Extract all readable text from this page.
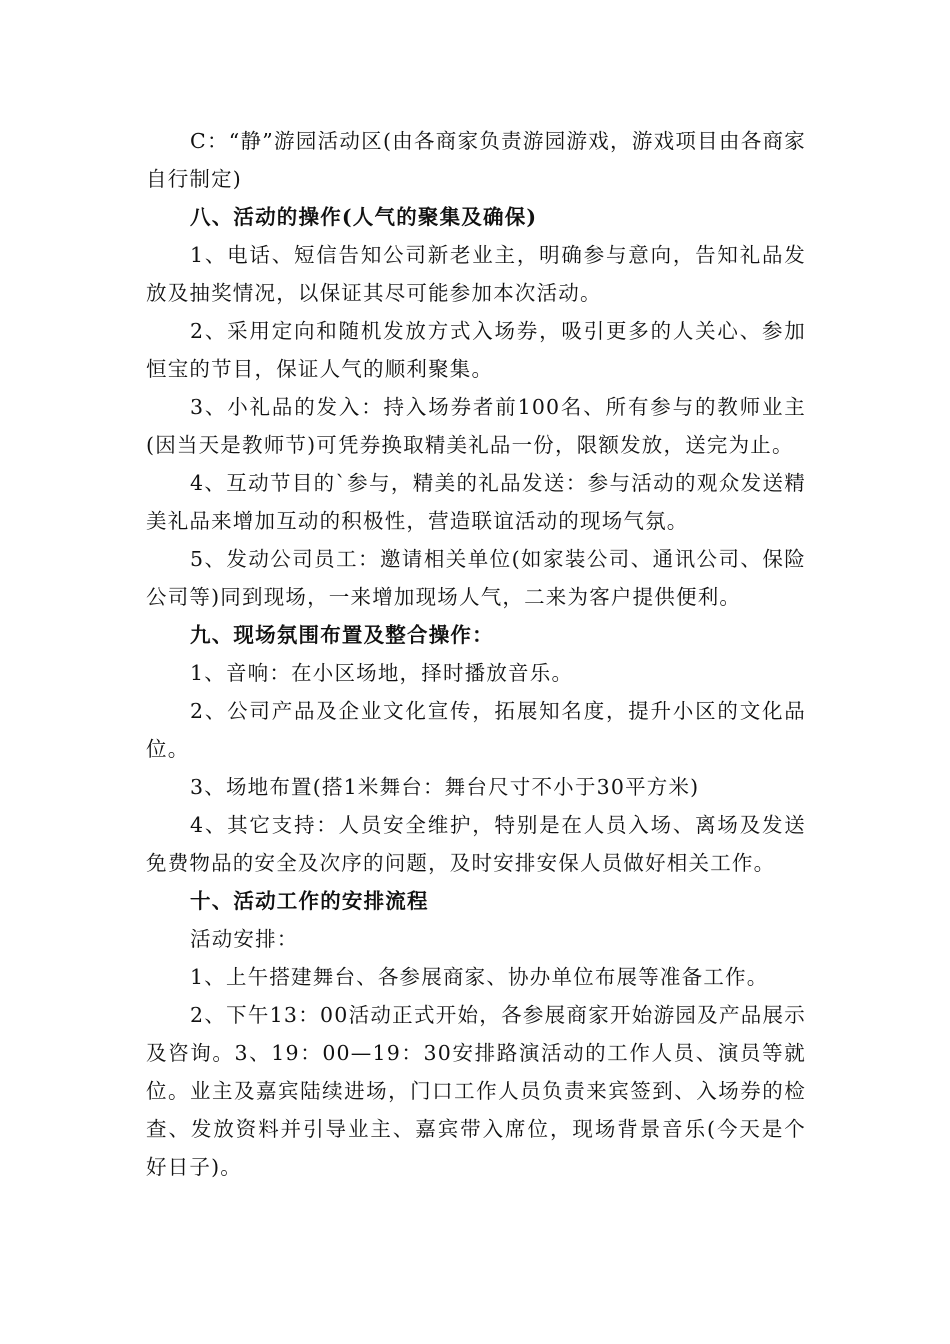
C：“静”游园活动区(由各商家负责游园游戏，游戏项目由各商家自行制定)

八、活动的操作(人气的聚集及确保)

1、电话、短信告知公司新老业主，明确参与意向，告知礼品发放及抽奖情况，以保证其尽可能参加本次活动。

2、采用定向和随机发放方式入场券，吸引更多的人关心、参加恒宝的节目，保证人气的顺利聚集。

3、小礼品的发入：持入场券者前100名、所有参与的教师业主(因当天是教师节)可凭券换取精美礼品一份，限额发放，送完为止。

4、互动节目的`参与，精美的礼品发送：参与活动的观众发送精美礼品来增加互动的积极性，营造联谊活动的现场气氛。

5、发动公司员工：邀请相关单位(如家装公司、通讯公司、保险公司等)同到现场，一来增加现场人气，二来为客户提供便利。

九、现场氛围布置及整合操作：

1、音响：在小区场地，择时播放音乐。

2、公司产品及企业文化宣传，拓展知名度，提升小区的文化品位。

3、场地布置(搭1米舞台：舞台尺寸不小于30平方米)

4、其它支持：人员安全维护，特别是在人员入场、离场及发送免费物品的安全及次序的问题，及时安排安保人员做好相关工作。

十、活动工作的安排流程

活动安排：

1、上午搭建舞台、各参展商家、协办单位布展等准备工作。

2、下午13：00活动正式开始，各参展商家开始游园及产品展示及咨询。3、19：00—19：30安排路演活动的工作人员、演员等就位。业主及嘉宾陆续进场，门口工作人员负责来宾签到、入场券的检查、发放资料并引导业主、嘉宾带入席位，现场背景音乐(今天是个好日子)。
